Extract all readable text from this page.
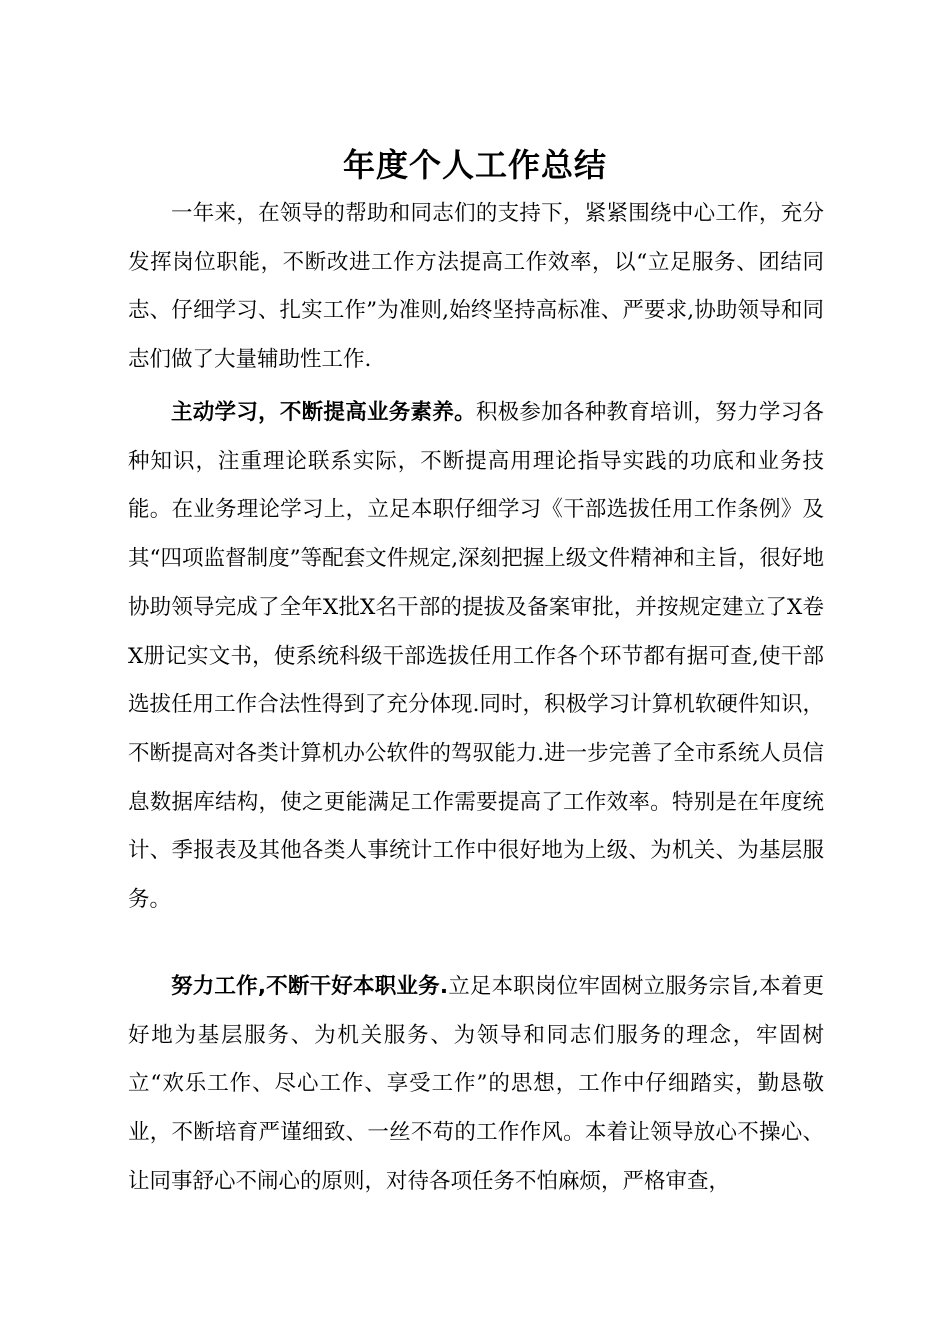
年度个人工作总结

一年来，在领导的帮助和同志们的支持下，紧紧围绕中心工作，充分发挥岗位职能，不断改进工作方法提高工作效率，以“立足服务、团结同志、仔细学习、扎实工作”为准则,始终坚持高标准、严要求,协助领导和同志们做了大量辅助性工作.

主动学习，不断提高业务素养。积极参加各种教育培训，努力学习各种知识，注重理论联系实际，不断提高用理论指导实践的功底和业务技能。在业务理论学习上，立足本职仔细学习《干部选拔任用工作条例》及其“四项监督制度”等配套文件规定,深刻把握上级文件精神和主旨，很好地协助领导完成了全年X批X名干部的提拔及备案审批，并按规定建立了X卷X册记实文书，使系统科级干部选拔任用工作各个环节都有据可查,使干部选拔任用工作合法性得到了充分体现.同时，积极学习计算机软硬件知识，不断提高对各类计算机办公软件的驾驭能力.进一步完善了全市系统人员信息数据库结构，使之更能满足工作需要提高了工作效率。特别是在年度统计、季报表及其他各类人事统计工作中很好地为上级、为机关、为基层服务。

努力工作,不断干好本职业务.立足本职岗位牢固树立服务宗旨,本着更好地为基层服务、为机关服务、为领导和同志们服务的理念，牢固树立“欢乐工作、尽心工作、享受工作”的思想，工作中仔细踏实，勤恳敬业，不断培育严谨细致、一丝不苟的工作作风。本着让领导放心不操心、让同事舒心不闹心的原则，对待各项任务不怕麻烦，严格审查，
